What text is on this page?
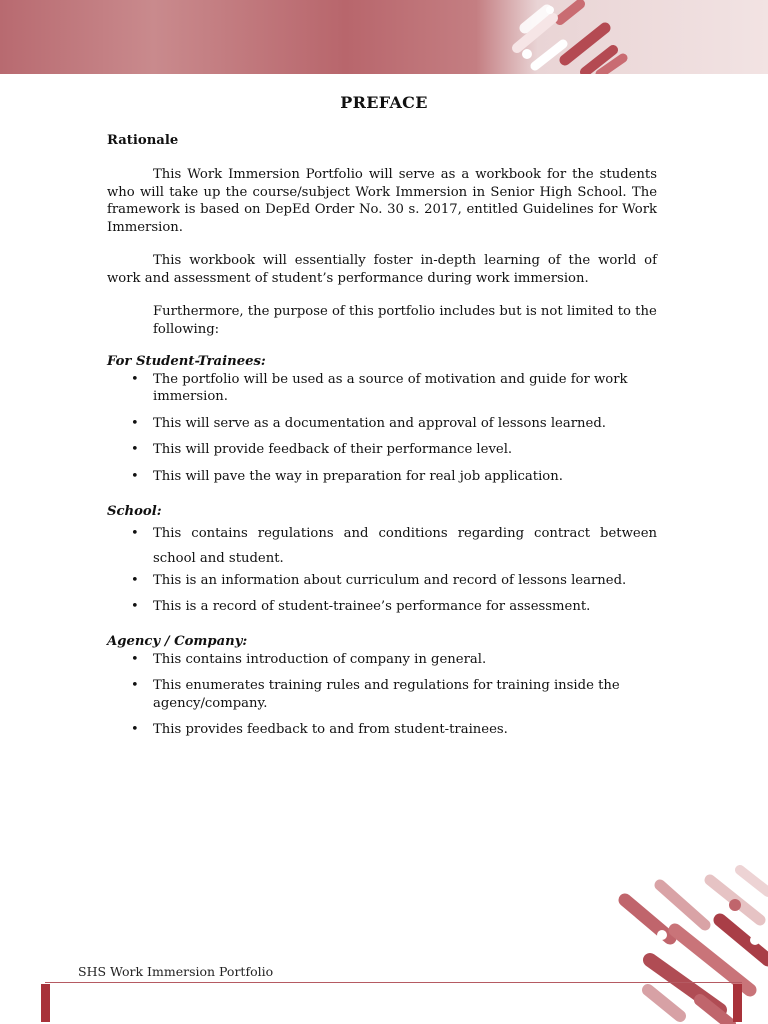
PREFACE
Rationale
This Work Immersion Portfolio will serve as a workbook for the students who will take up the course/subject Work Immersion in Senior High School. The framework is based on DepEd Order No. 30 s. 2017, entitled Guidelines for Work Immersion.
This workbook will essentially foster in-depth learning of the world of work and assessment of student’s performance during work immersion.
Furthermore, the purpose of this portfolio includes but is not limited to the following:
For Student-Trainees:
• The portfolio will be used as a source of motivation and guide for work immersion.
• This will serve as a documentation and approval of lessons learned.
• This will provide feedback of their performance level.
• This will pave the way in preparation for real job application.
School:
• This contains regulations and conditions regarding contract between school and student.
• This is an information about curriculum and record of lessons learned.
• This is a record of student-trainee’s performance for assessment.
Agency / Company:
• This contains introduction of company in general.
• This enumerates training rules and regulations for training inside the agency/company.
• This provides feedback to and from student-trainees.
SHS Work Immersion Portfolio
